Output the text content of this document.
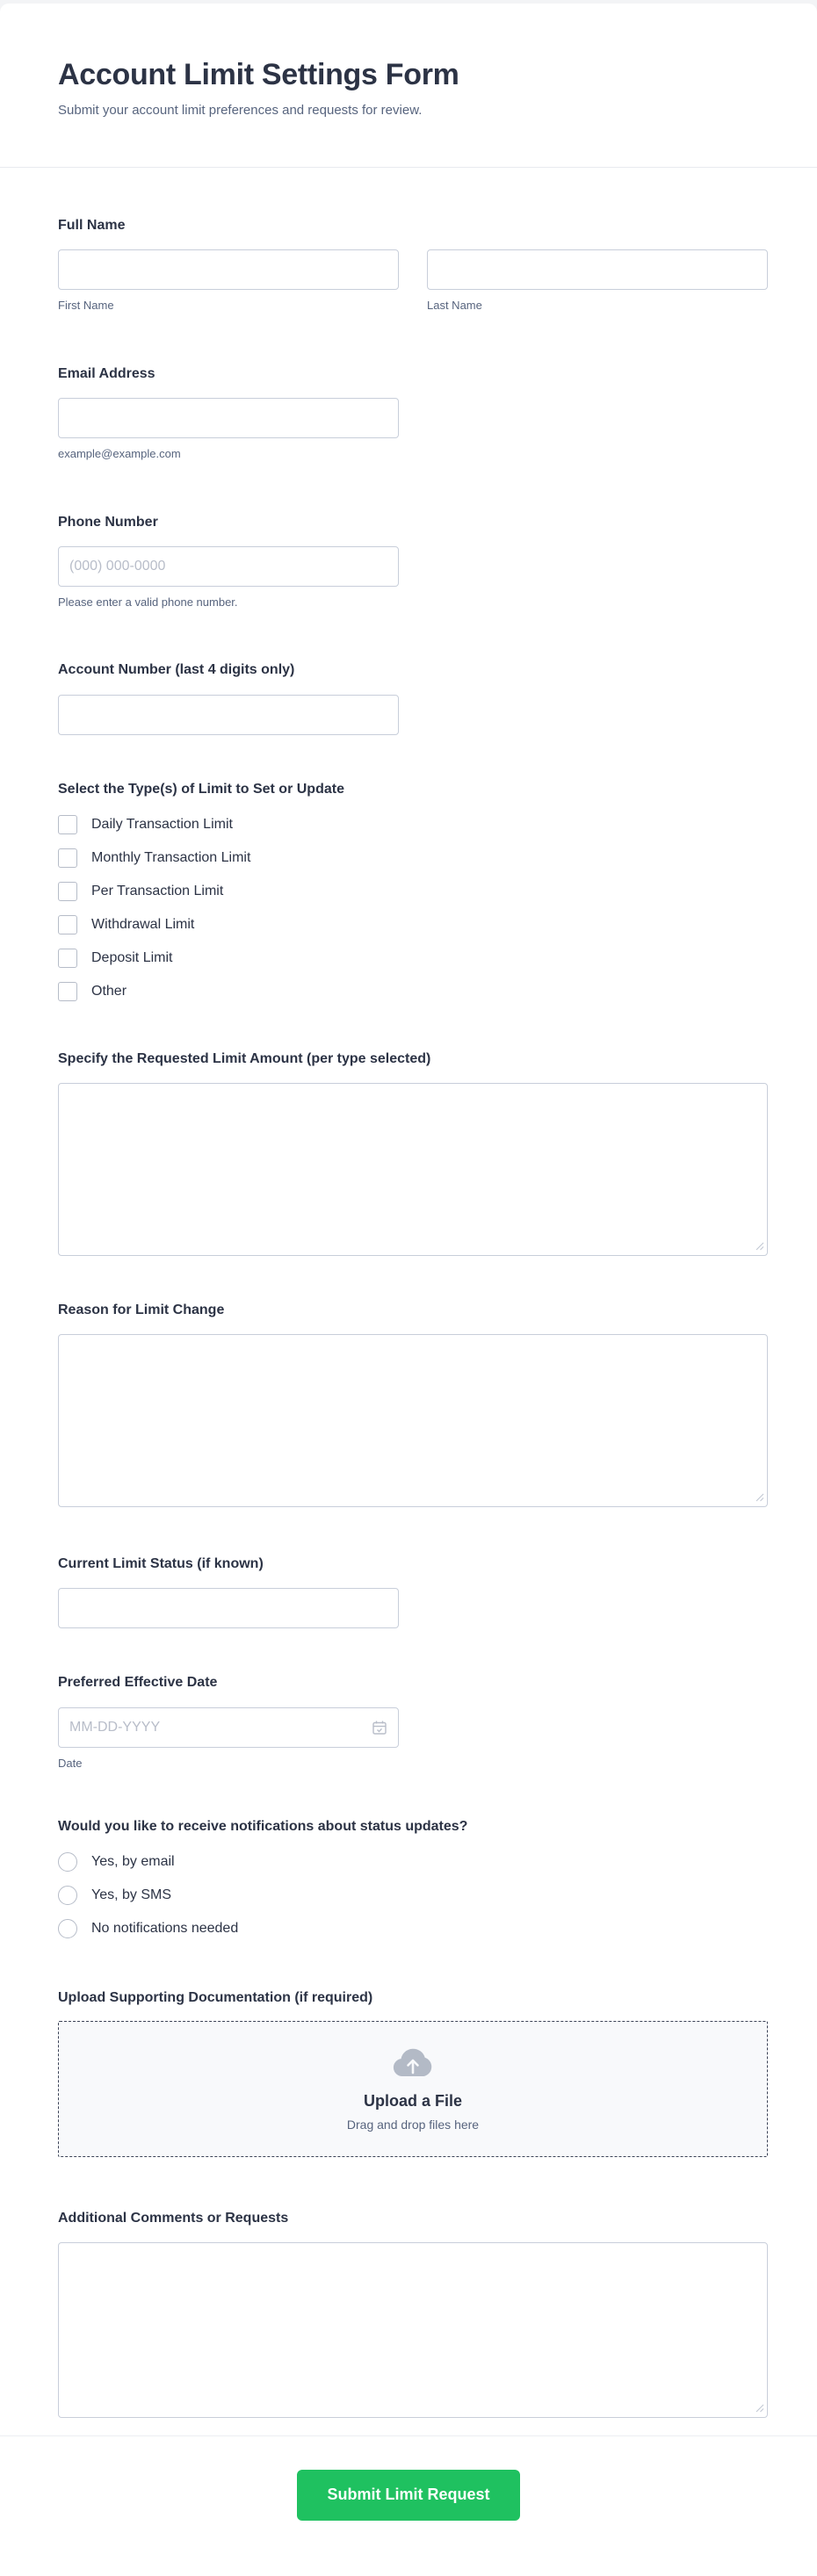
Account Limit Settings Form
Submit your account limit preferences and requests for review.
Full Name
First Name	Last Name
Email Address
example@example.com
Phone Number
(000) 000-0000
Please enter a valid phone number.
Account Number (last 4 digits only)
Select the Type(s) of Limit to Set or Update
Daily Transaction Limit
Monthly Transaction Limit
Per Transaction Limit
Withdrawal Limit
Deposit Limit
Other
Specify the Requested Limit Amount (per type selected)
Reason for Limit Change
Current Limit Status (if known)
Preferred Effective Date
MM-DD-YYYY
Date
Would you like to receive notifications about status updates?
Yes, by email
Yes, by SMS
No notifications needed
Upload Supporting Documentation (if required)
Upload a File
Drag and drop files here
Additional Comments or Requests
Submit Limit Request
